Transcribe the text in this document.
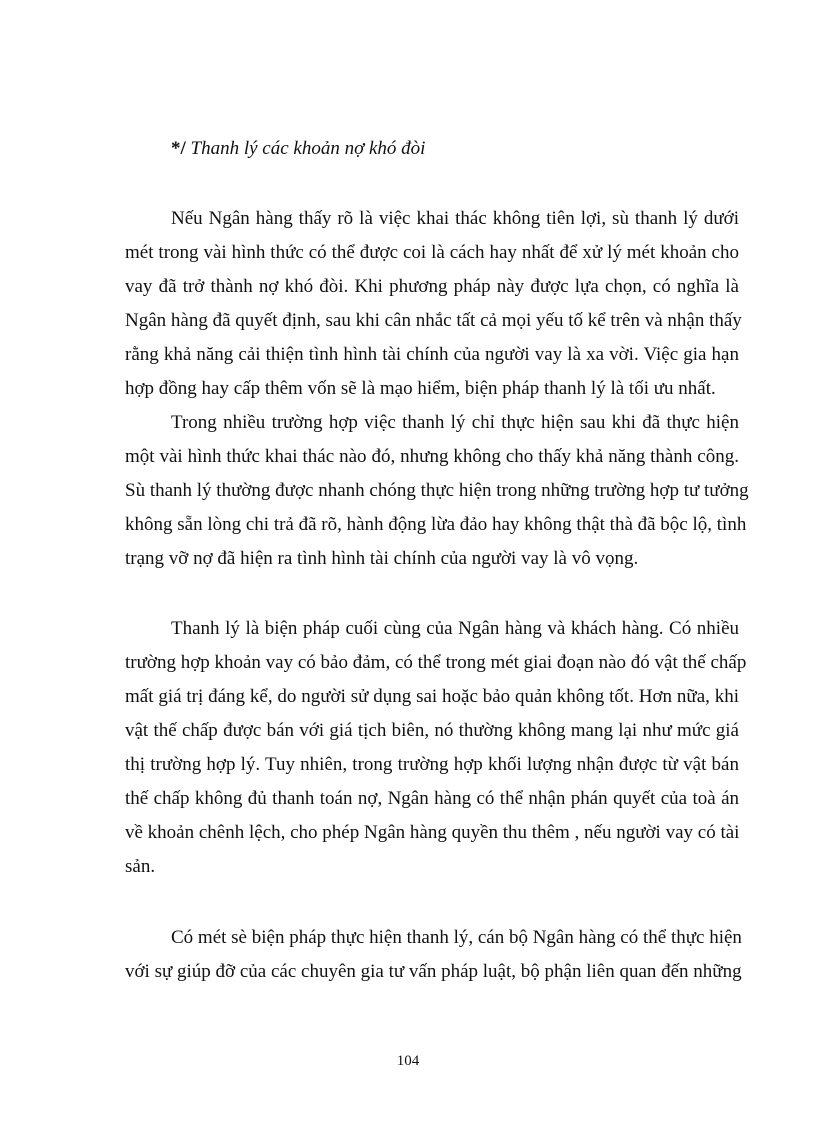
*/ Thanh lý các khoản nợ khó đòi
Nếu Ngân hàng thấy rõ là việc khai thác không tiên lợi, sù thanh lý dưới
mét trong vài hình thức có thể được coi là cách hay nhất để xử lý mét khoản cho
vay đã trở thành nợ khó đòi. Khi phương pháp này được lựa chọn, có nghĩa là
Ngân hàng đã quyết định, sau khi cân nhắc tất cả mọi yếu tố kể trên và nhận thấy
rằng khả năng cải thiện tình hình tài chính của người vay là xa vời. Việc gia hạn
hợp đồng hay cấp thêm vốn sẽ là mạo hiểm, biện pháp thanh lý là tối ưu nhất.
Trong nhiều trường hợp việc thanh lý chỉ thực hiện sau khi đã thực hiện
một vài hình thức khai thác nào đó, nhưng không cho thấy khả năng thành công.
Sù thanh lý thường được nhanh chóng thực hiện trong những trường hợp tư tưởng
không sẵn lòng chi trả đã rõ, hành động lừa đảo hay không thật thà đã bộc lộ, tình
trạng vỡ nợ đã hiện ra tình hình tài chính của người vay là vô vọng.
Thanh lý là biện pháp cuối cùng của Ngân hàng và khách hàng. Có nhiều
trường hợp khoản vay có bảo đảm, có thể trong mét giai đoạn nào đó vật thế chấp
mất giá trị đáng kể, do người sử dụng sai hoặc bảo quản không tốt. Hơn nữa, khi
vật thế chấp được bán với giá tịch biên, nó thường không mang lại như mức giá
thị trường hợp lý. Tuy nhiên, trong trường hợp khối lượng nhận được từ vật bán
thế chấp không đủ thanh toán nợ, Ngân hàng có thể nhận phán quyết của toà án
về khoản chênh lệch, cho phép Ngân hàng quyền thu thêm , nếu người vay có tài
sản.
Có mét sè biện pháp thực hiện thanh lý, cán bộ Ngân hàng có thể thực hiện
với sự giúp đỡ của các chuyên gia tư vấn pháp luật, bộ phận liên quan đến những
104
